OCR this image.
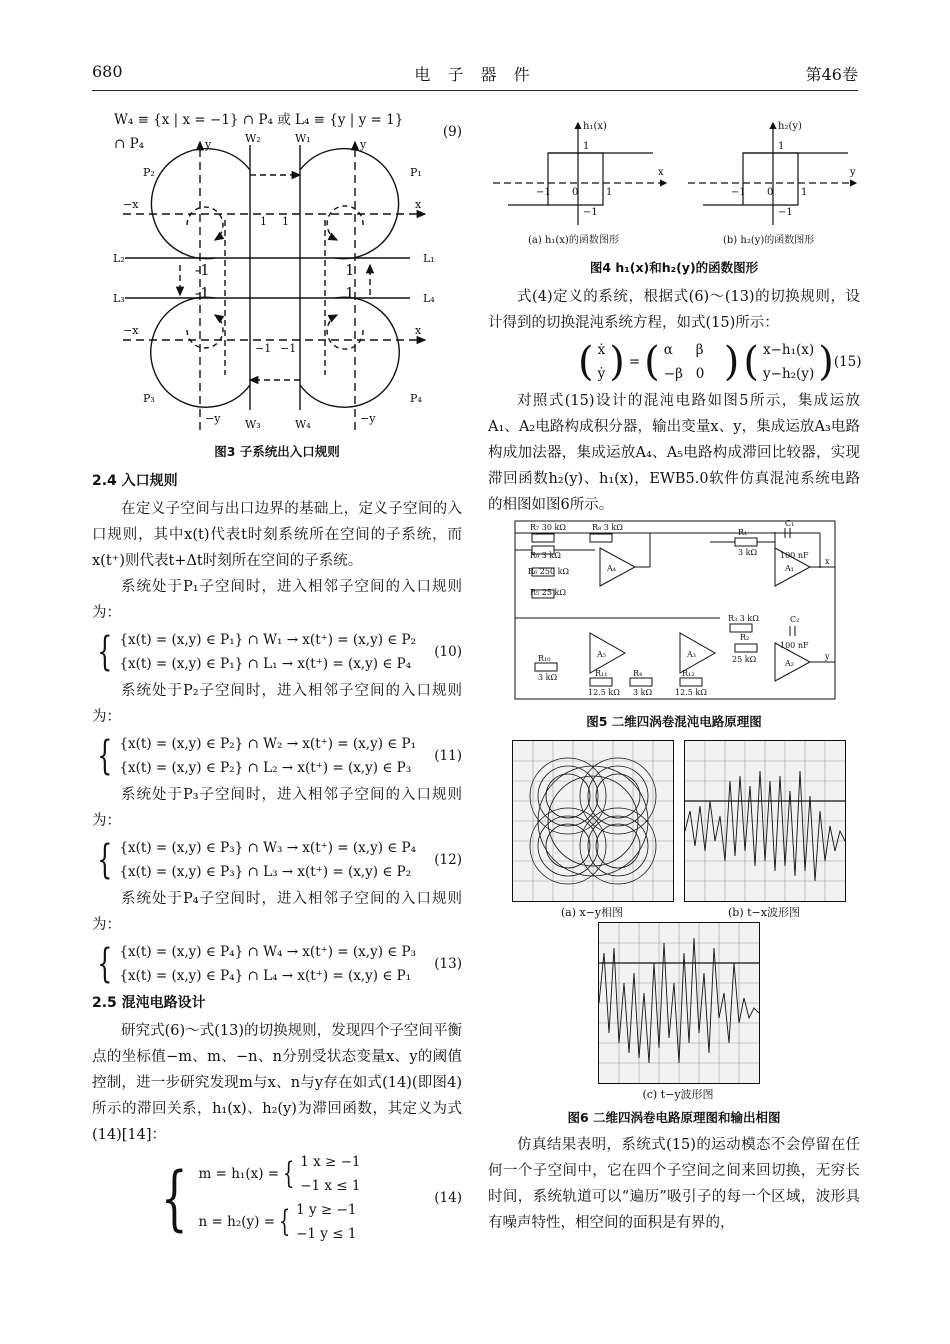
680	电 子 器 件	第46卷
W₄ ≡ {x | x = −1} ∩ P₄ 或 L₄ ≡ {y | y = 1} ∩ P₄
(9)
P₂	P₁
P₃	P₄
W₂	W₁
W₃	W₄
L₂	L₁
L₃	L₄
y	y
−y	−y
−x	x
−x	x
1 1
−1 −1
-1
-1
1
1
图3 子系统出入口规则
2.4 入口规则

在定义子空间与出口边界的基础上，定义子空间的入口规则，其中x(t)代表t时刻系统所在空间的子系统，而x(t⁺)则代表t+Δt时刻所在空间的子系统。

系统处于P₁子空间时，进入相邻子空间的入口规则为：

{ {x(t) = (x,y) ∈ P₁} ∩ W₁ → x(t⁺) = (x,y) ∈ P₂
{x(t) = (x,y) ∈ P₁} ∩ L₁ → x(t⁺) = (x,y) ∈ P₄
(10)

系统处于P₂子空间时，进入相邻子空间的入口规则为：

{ {x(t) = (x,y) ∈ P₂} ∩ W₂ → x(t⁺) = (x,y) ∈ P₁
{x(t) = (x,y) ∈ P₂} ∩ L₂ → x(t⁺) = (x,y) ∈ P₃
(11)

系统处于P₃子空间时，进入相邻子空间的入口规则为：

{ {x(t) = (x,y) ∈ P₃} ∩ W₃ → x(t⁺) = (x,y) ∈ P₄
{x(t) = (x,y) ∈ P₃} ∩ L₃ → x(t⁺) = (x,y) ∈ P₂
(12)

系统处于P₄子空间时，进入相邻子空间的入口规则为：

{ {x(t) = (x,y) ∈ P₄} ∩ W₄ → x(t⁺) = (x,y) ∈ P₃
{x(t) = (x,y) ∈ P₄} ∩ L₄ → x(t⁺) = (x,y) ∈ P₁
(13)
2.5 混沌电路设计

研究式(6)～式(13)的切换规则，发现四个子空间平衡点的坐标值−m、m、−n、n分别受状态变量x、y的阈值控制，进一步研究发现m与x、n与y存在如式(14)(即图4)所示的滞回关系，h₁(x)、h₂(y)为滞回函数，其定义为式(14)[14]：

{ m = h₁(x) = { 1 x ≥ −1
−1 x ≤ 1
n = h₂(y) = { 1 y ≥ −1
−1 y ≤ 1
(14)
h₁(x)	h₂(y)
x	y
1	1
−1	−1
0	0
1	1
−1	−1
(a) h₁(x)的函数图形	(b) h₂(y)的函数图形
图4 h₁(x)和h₂(y)的函数图形

式(4)定义的系统，根据式(6)～(13)的切换规则，设计得到的切换混沌系统方程，如式(15)所示：

( ẋ
ẏ ) = ( α	β
−β 0 ) ( x−h₁(x)
y−h₂(y) ) (15)

对照式(15)设计的混沌电路如图5所示，集成运放A₁、A₂电路构成积分器，输出变量x、y，集成运放A₃电路构成加法器，集成运放A₄、A₅电路构成滞回比较器，实现滞回函数h₂(y)、h₁(x)，EWB5.0软件仿真混沌系统电路的相图如图6所示。

R₇ 30 kΩ	R₈ 3 kΩ
R₉ 3 kΩ
R₆ 250 kΩ
R₅ 25 kΩ
A₄
R₁
3 kΩ
C₁
100 nF
A₁
x
R₃ 3 kΩ
R₂
25 kΩ
C₂
100 nF
A₂
y
A₅	A₃
R₁₀
3 kΩ	R₁₁
12.5 kΩ
R₄
3 kΩ
R₁₂
12.5 kΩ
图5 二维四涡卷混沌电路原理图
(a) x−y相图	(b) t−x波形图
(c) t−y波形图
图6 二维四涡卷电路原理图和输出相图

仿真结果表明，系统式(15)的运动模态不会停留在任何一个子空间中，它在四个子空间之间来回切换，无穷长时间，系统轨道可以“遍历”吸引子的每一个区域，波形具有噪声特性，相空间的面积是有界的，
